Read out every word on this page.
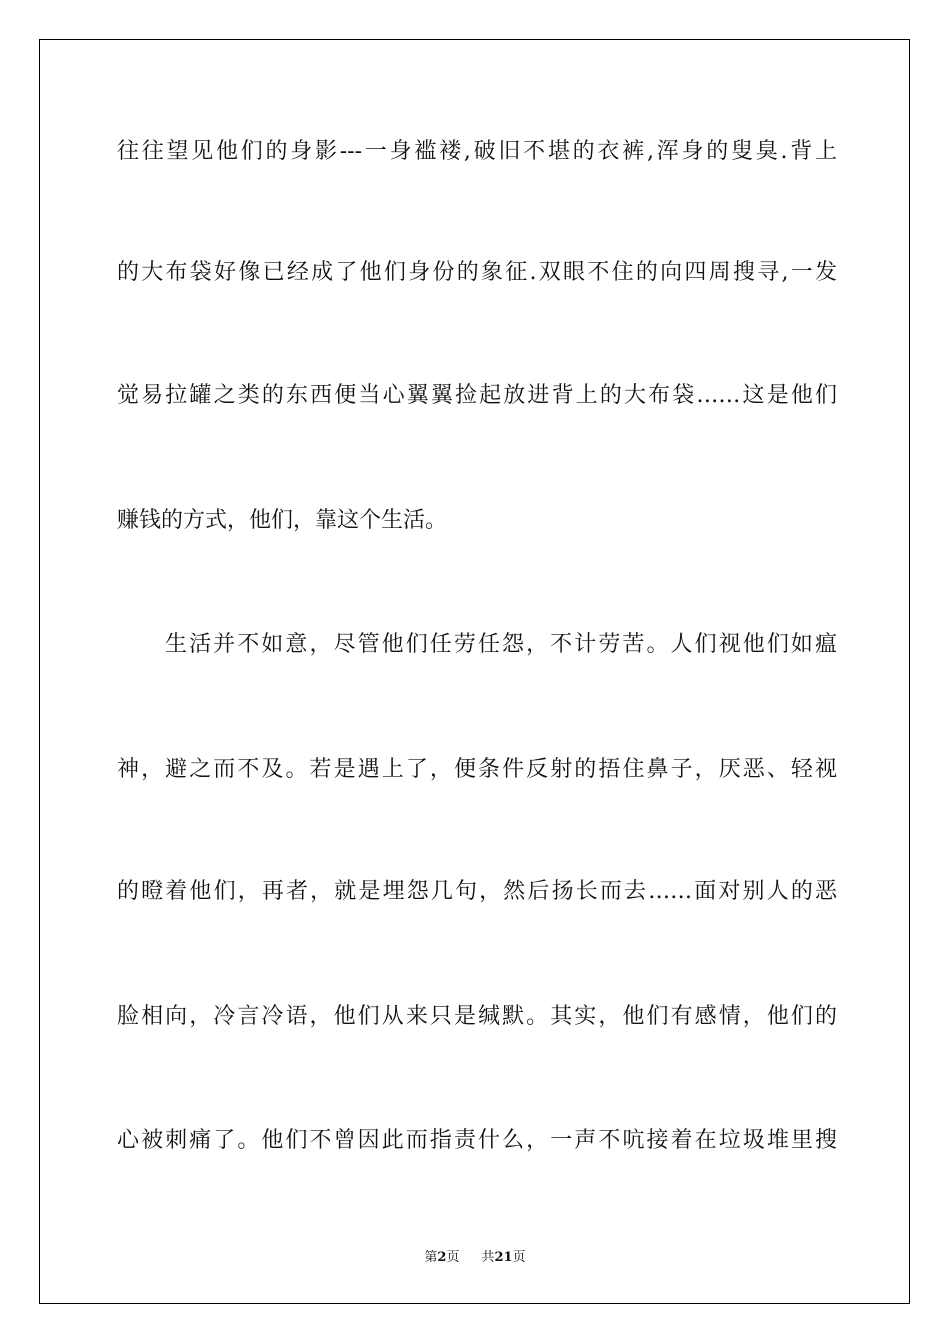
往往望见他们的身影---一身褴褛,破旧不堪的衣裤,浑身的叟臭.背上
的大布袋好像已经成了他们身份的象征.双眼不住的向四周搜寻,一发
觉易拉罐之类的东西便当心翼翼捡起放进背上的大布袋……这是他们
赚钱的方式，他们，靠这个生活。
生活并不如意，尽管他们任劳任怨，不计劳苦。人们视他们如瘟
神，避之而不及。若是遇上了，便条件反射的捂住鼻子，厌恶、轻视
的瞪着他们，再者，就是埋怨几句，然后扬长而去……面对别人的恶
脸相向，冷言冷语，他们从来只是缄默。其实，他们有感情，他们的
心被刺痛了。他们不曾因此而指责什么，一声不吭接着在垃圾堆里搜
第2页 共21页
